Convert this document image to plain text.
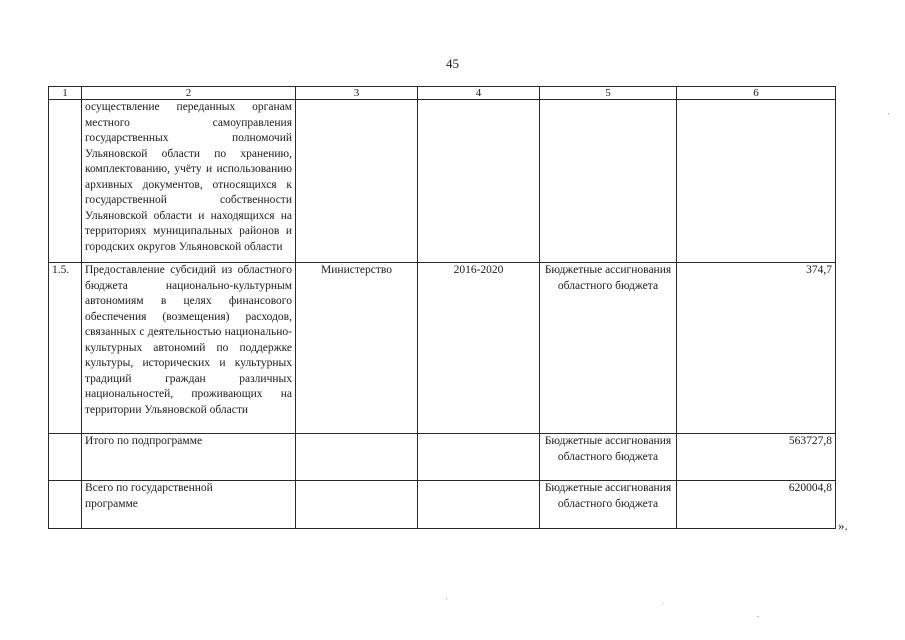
45
1	2	3	4	5	6
	осуществление переданных органам местного самоуправления государственных полномочий Ульяновской области по хранению, комплектованию, учёту и использованию архивных документов, относящихся к государственной собственности Ульяновской области и находящихся на территориях муниципальных районов и городских округов Ульяновской области				
1.5.	Предоставление субсидий из областного бюджета национально-культурным автономиям в целях финансового обеспечения (возмещения) расходов, связанных с деятельностью национально-культурных автономий по поддержке культуры, исторических и культурных традиций граждан различных национальностей, проживающих на территории Ульяновской области	Министерство	2016-2020	Бюджетные ассигнования областного бюджета	374,7
	Итого по подпрограмме			Бюджетные ассигнования областного бюджета	563727,8
	Всего по государственной программе			Бюджетные ассигнования областного бюджета	620004,8
».
'	.
-
'
